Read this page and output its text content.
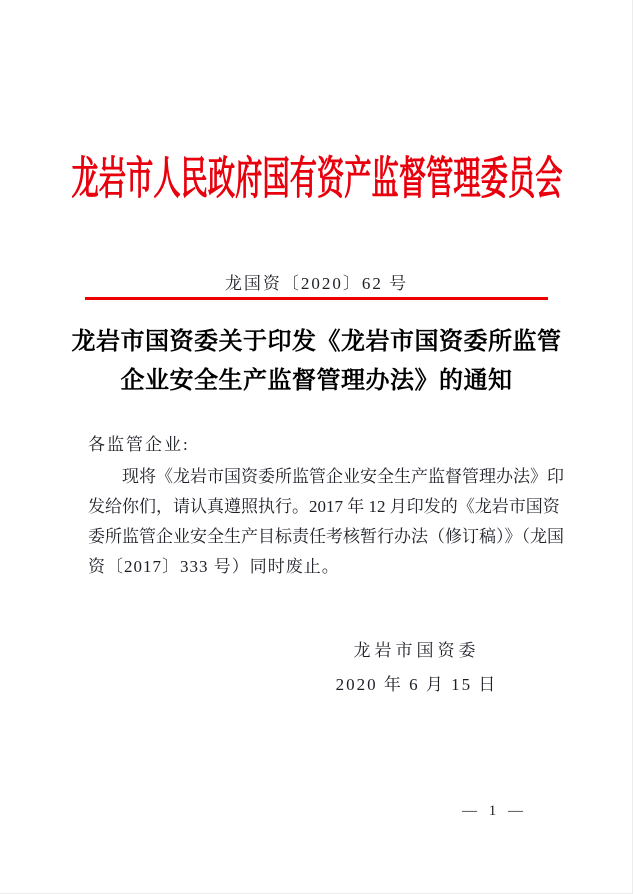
龙岩市人民政府国有资产监督管理委员会
龙国资〔2020〕62 号
龙岩市国资委关于印发《龙岩市国资委所监管
企业安全生产监督管理办法》的通知
各监管企业:
现将《龙岩市国资委所监管企业安全生产监督管理办法》印
发给你们，请认真遵照执行。2017 年 12 月印发的《龙岩市国资
委所监管企业安全生产目标责任考核暂行办法（修订稿）》（龙国
资〔2017〕333 号）同时废止。
龙岩市国资委
2020 年 6 月 15 日
— 1 —
